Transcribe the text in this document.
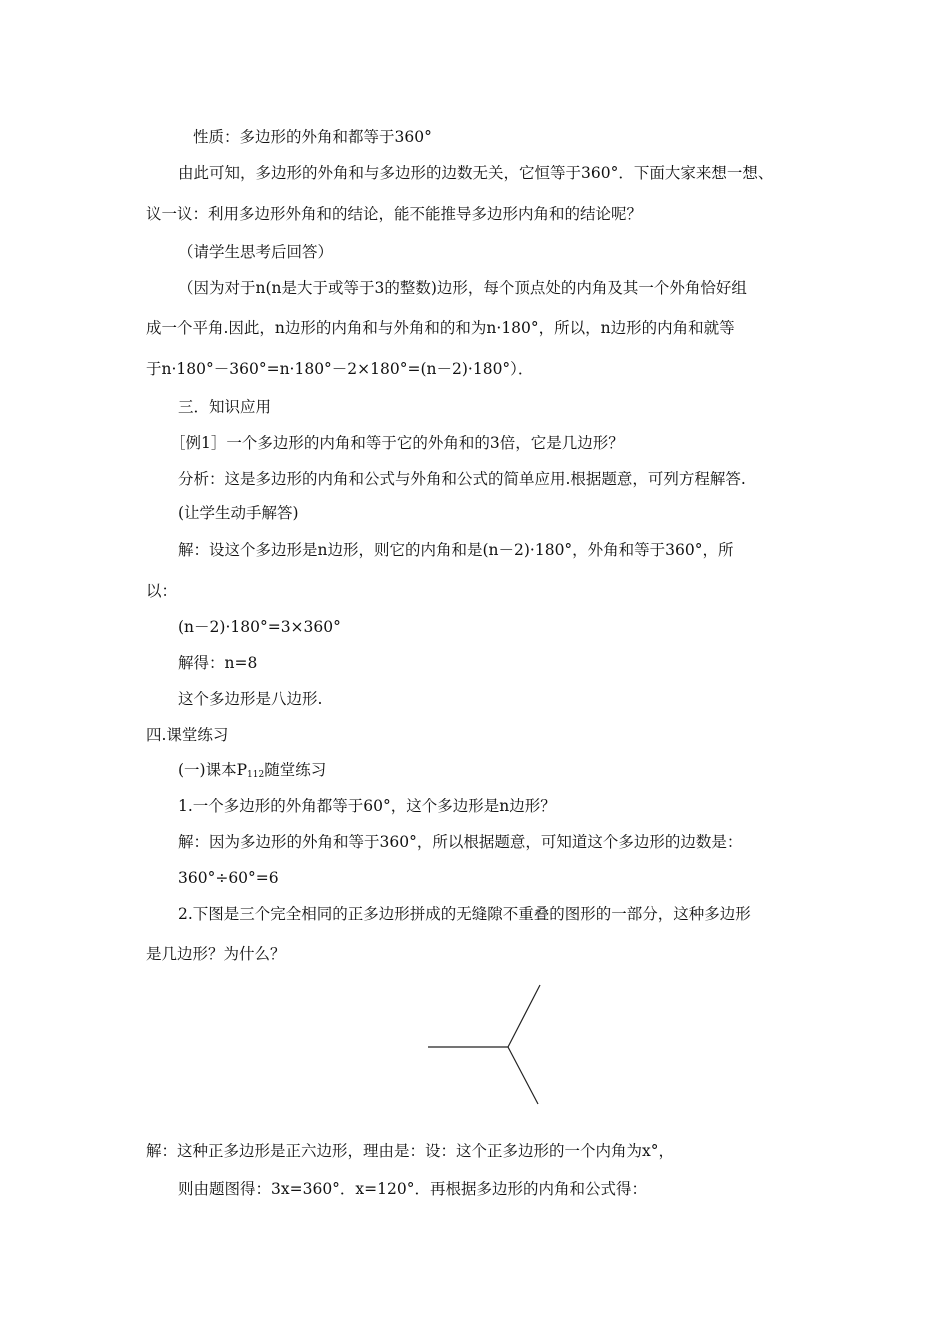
性质：多边形的外角和都等于360°
由此可知，多边形的外角和与多边形的边数无关，它恒等于360°．下面大家来想一想、
议一议：利用多边形外角和的结论，能不能推导多边形内角和的结论呢？
（请学生思考后回答）
（因为对于n(n是大于或等于3的整数)边形，每个顶点处的内角及其一个外角恰好组
成一个平角.因此，n边形的内角和与外角和的和为n·180°，所以，n边形的内角和就等
于n·180°－360°=n·180°－2×180°=(n－2)·180°）．
三．知识应用
［例1］一个多边形的内角和等于它的外角和的3倍，它是几边形？
分析：这是多边形的内角和公式与外角和公式的简单应用.根据题意，可列方程解答.
(让学生动手解答)
解：设这个多边形是n边形，则它的内角和是(n－2)·180°，外角和等于360°，所
以：
(n－2)·180°=3×360°
解得：n=8
这个多边形是八边形.
四.课堂练习
(一)课本$P_{112}$随堂练习
1.一个多边形的外角都等于60°，这个多边形是n边形？
解：因为多边形的外角和等于360°，所以根据题意，可知道这个多边形的边数是：
360°÷60°=6
2.下图是三个完全相同的正多边形拼成的无缝隙不重叠的图形的一部分，这种多边形
是几边形？为什么？
解：这种正多边形是正六边形，理由是：设：这个正多边形的一个内角为x°，
则由题图得：3x=360°．x=120°．再根据多边形的内角和公式得：
